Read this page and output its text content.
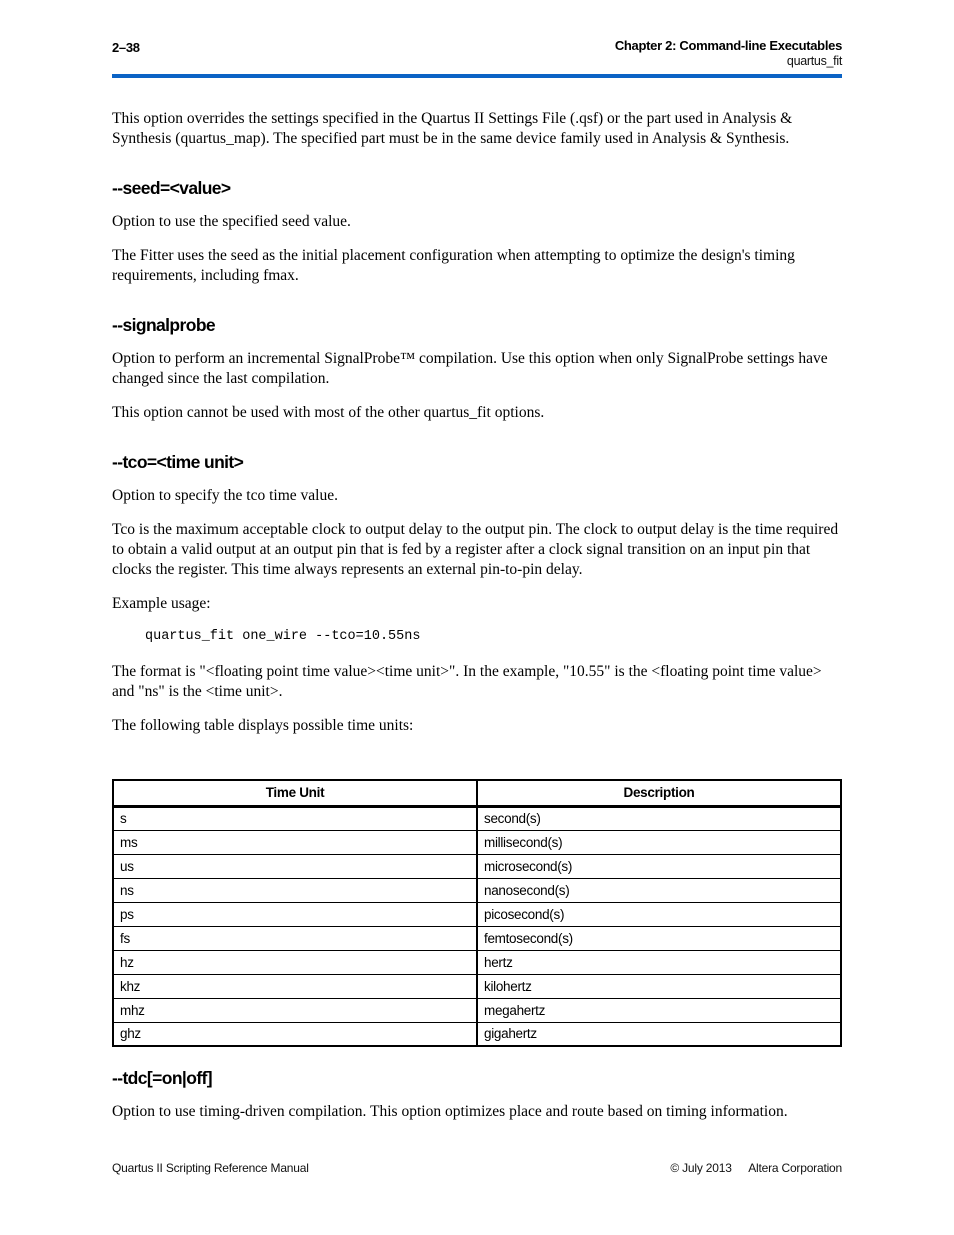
2–38	Chapter 2: Command-line Executables
quartus_fit

This option overrides the settings specified in the Quartus II Settings File (.qsf) or the part used in Analysis & Synthesis (quartus_map). The specified part must be in the same device family used in Analysis & Synthesis.

--seed=<value>

Option to use the specified seed value.

The Fitter uses the seed as the initial placement configuration when attempting to optimize the design's timing requirements, including fmax.

--signalprobe

Option to perform an incremental SignalProbe™ compilation. Use this option when only SignalProbe settings have changed since the last compilation.

This option cannot be used with most of the other quartus_fit options.

--tco=<time unit>

Option to specify the tco time value.

Tco is the maximum acceptable clock to output delay to the output pin. The clock to output delay is the time required to obtain a valid output at an output pin that is fed by a register after a clock signal transition on an input pin that clocks the register. This time always represents an external pin-to-pin delay.

Example usage:

quartus_fit one_wire --tco=10.55ns

The format is "<floating point time value><time unit>". In the example, "10.55" is the <floating point time value> and "ns" is the <time unit>.

The following table displays possible time units:

Time Unit	Description
s	second(s)
ms	millisecond(s)
us	microsecond(s)
ns	nanosecond(s)
ps	picosecond(s)
fs	femtosecond(s)
hz	hertz
khz	kilohertz
mhz	megahertz
ghz	gigahertz
--tdc[=on|off]

Option to use timing-driven compilation. This option optimizes place and route based on timing information.

Quartus II Scripting Reference Manual	© July 2013 Altera Corporation
